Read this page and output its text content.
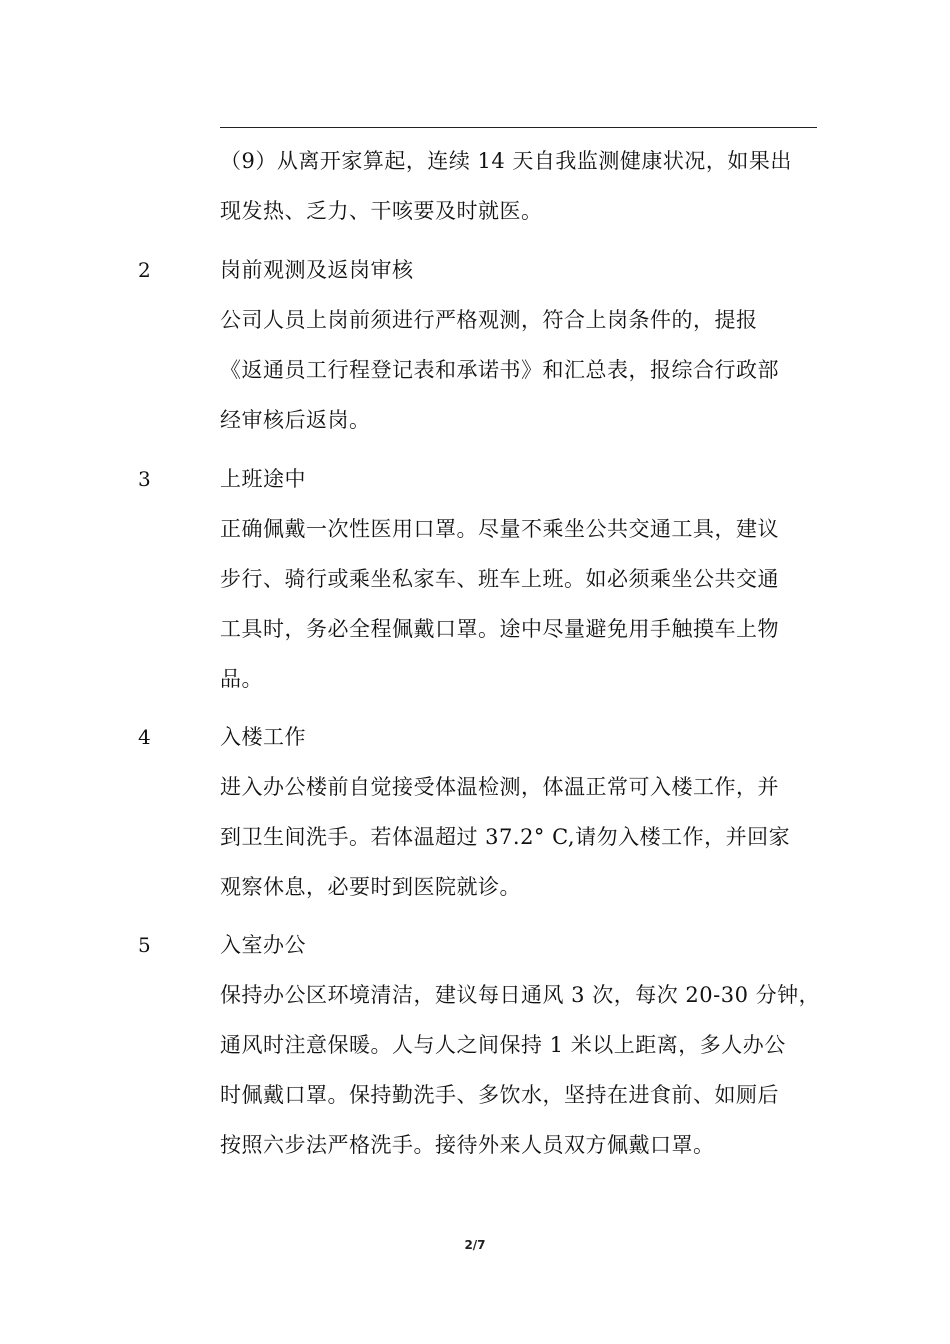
（9）从离开家算起，连续 14 天自我监测健康状况，如果出
现发热、乏力、干咳要及时就医。
2	岗前观测及返岗审核
公司人员上岗前须进行严格观测，符合上岗条件的，提报
《返通员工行程登记表和承诺书》和汇总表，报综合行政部
经审核后返岗。
3	上班途中
正确佩戴一次性医用口罩。尽量不乘坐公共交通工具，建议
步行、骑行或乘坐私家车、班车上班。如必须乘坐公共交通
工具时，务必全程佩戴口罩。途中尽量避免用手触摸车上物
品。
4	入楼工作
进入办公楼前自觉接受体温检测，体温正常可入楼工作，并
到卫生间洗手。若体温超过 37.2° C,请勿入楼工作，并回家
观察休息，必要时到医院就诊。
5	入室办公
保持办公区环境清洁，建议每日通风 3 次，每次 20-30 分钟，
通风时注意保暖。人与人之间保持 1 米以上距离，多人办公
时佩戴口罩。保持勤洗手、多饮水，坚持在进食前、如厕后
按照六步法严格洗手。接待外来人员双方佩戴口罩。
2/7
